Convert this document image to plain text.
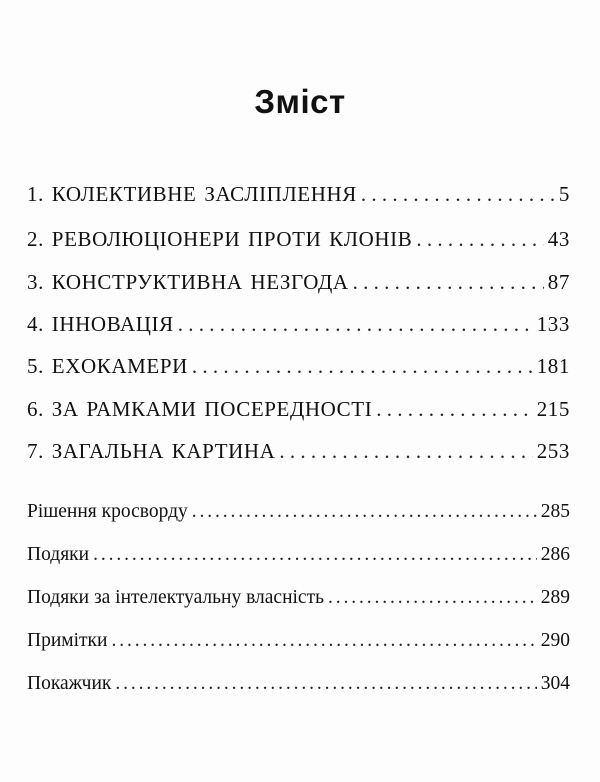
Зміст
1. КОЛЕКТИВНЕ ЗАСЛІПЛЕННЯ . . .	5
2. РЕВОЛЮЦІОНЕРИ ПРОТИ КЛОНІВ . . .	43
3. КОНСТРУКТИВНА НЕЗГОДА . . .	87
4. ІННОВАЦІЯ . . .	133
5. EXOКАМЕРИ . . .	181
6. ЗА РАМКАМИ ПОСЕРЕДНОСТІ . . .	215
7. ЗАГАЛЬНА КАРТИНА . . .	253
Рішення кросворду . . .	285
Подяки . . .	286
Подяки за інтелектуальну власність . . .	289
Примітки . . .	290
Покажчик . . .	304
